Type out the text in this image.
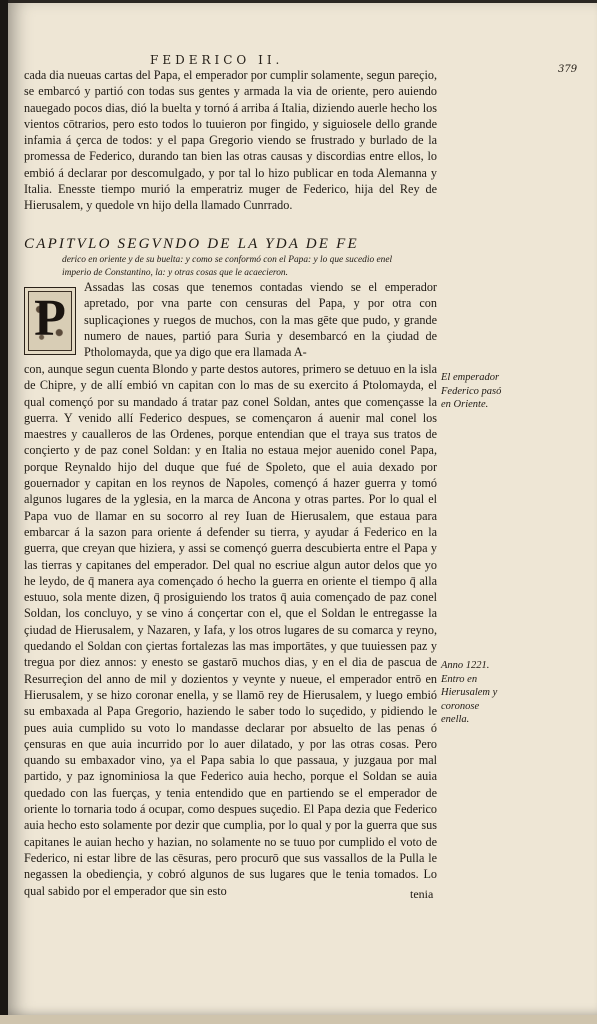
FEDERICO II.
379

cada dia nueuas cartas del Papa, el emperador por cumplir solamente, segun pareçio, se embarcó y partió con todas sus gentes y armada la via de oriente, pero auiendo nauegado pocos dias, dió la buelta y tornó á arriba á Italia, diziendo auerle hecho los vientos cōtrarios, pero esto todos lo tuuieron por fingido, y siguiosele dello grande infamia á çerca de todos: y el papa Gregorio viendo se frustrado y burlado de la promessa de Federico, durando tan bien las otras causas y discordias entre ellos, lo embió á declarar por descomulgado, y por tal lo hizo publicar en toda Alemanna y Italia. Enesste tiempo murió la emperatriz muger de Federico, hija del Rey de Hierusalem, y quedole vn hijo della llamado Cunrrado.

CAPITVLO SEGVNDO DE LA YDA DE FE

derico en oriente y de su buelta: y como se conformó con el Papa: y lo que sucedio enel imperio de Constantino, la: y otras cosas que le acaecieron.

P

Assadas las cosas que tenemos contadas viendo se el emperador apretado, por vna parte con censuras del Papa, y por otra con suplicaçiones y ruegos de muchos, con la mas gēte que pudo, y grande numero de naues, partió para Suria y desembarcó en la çiudad de Ptholomayda, que ya digo que era llamada A-

con, aunque segun cuenta Blondo y parte destos autores, primero se detuuo en la isla de Chipre, y de allí embió vn capitan con lo mas de su exercito á Ptolomayda, el qual començó por su mandado á tratar paz conel Soldan, antes que començasse la guerra. Y venido allí Federico despues, se començaron á auenir mal conel los maestres y caualleros de las Ordenes, porque entendian que el traya sus tratos de conçierto y de paz conel Soldan: y en Italia no estaua mejor auenido conel Papa, porque Reynaldo hijo del duque que fué de Spoleto, que el auia dexado por gouernador y capitan en los reynos de Napoles, començó á hazer guerra y tomó algunos lugares de la yglesia, en la marca de Ancona y otras partes. Por lo qual el Papa vuo de llamar en su socorro al rey Iuan de Hierusalem, que estaua para embarcar á la sazon para oriente á defender su tierra, y ayudar á Federico en la guerra, que creyan que hiziera, y assi se començó guerra descubierta entre el Papa y las tierras y capitanes del emperador. Del qual no escriue algun autor delos que yo he leydo, de q̄ manera aya començado ó hecho la guerra en oriente el tiempo q̄ alla estuuo, sola mente dizen, q̄ prosiguiendo los tratos q̄ auia començado de paz conel Soldan, los concluyo, y se vino á conçertar con el, que el Soldan le entregasse la çiudad de Hierusalem, y Nazaren, y Iafa, y los otros lugares de su comarca y reyno, quedando el Soldan con çiertas fortalezas las mas importātes, y que tuuiessen paz y tregua por diez annos: y enesto se gastarō muchos dias, y en el dia de pascua de Resurreçion del anno de mil y dozientos y veynte y nueue, el emperador entrō en Hierusalem, y se hizo coronar enella, y se llamō rey de Hierusalem, y luego embió su embaxada al Papa Gregorio, haziendo le saber todo lo suçedido, y pidiendo le pues auia cumplido su voto lo mandasse declarar por absuelto de las penas ó çensuras en que auia incurrido por lo auer dilatado, y por las otras cosas. Pero quando su embaxador vino, ya el Papa sabia lo que passaua, y juzgaua por mal partido, y paz ignominiosa la que Federico auia hecho, porque el Soldan se auia quedado con las fuerças, y tenia entendido que en partiendo se el emperador de oriente lo tornaria todo á ocupar, como despues suçedio. El Papa dezia que Federico auia hecho esto solamente por dezir que cumplia, por lo qual y por la guerra que sus capitanes le auian hecho y hazian, no solamente no se tuuo por cumplido el voto de Federico, ni estar libre de las cēsuras, pero procurō que sus vassallos de la Pulla le negassen la obediençia, y cobró algunos de sus lugares que le tenia tomados. Lo qual sabido por el emperador que sin esto

El emperador Federico pasó en Oriente.

Anno 1221. Entro en Hierusalem y coronose enella.

tenia
